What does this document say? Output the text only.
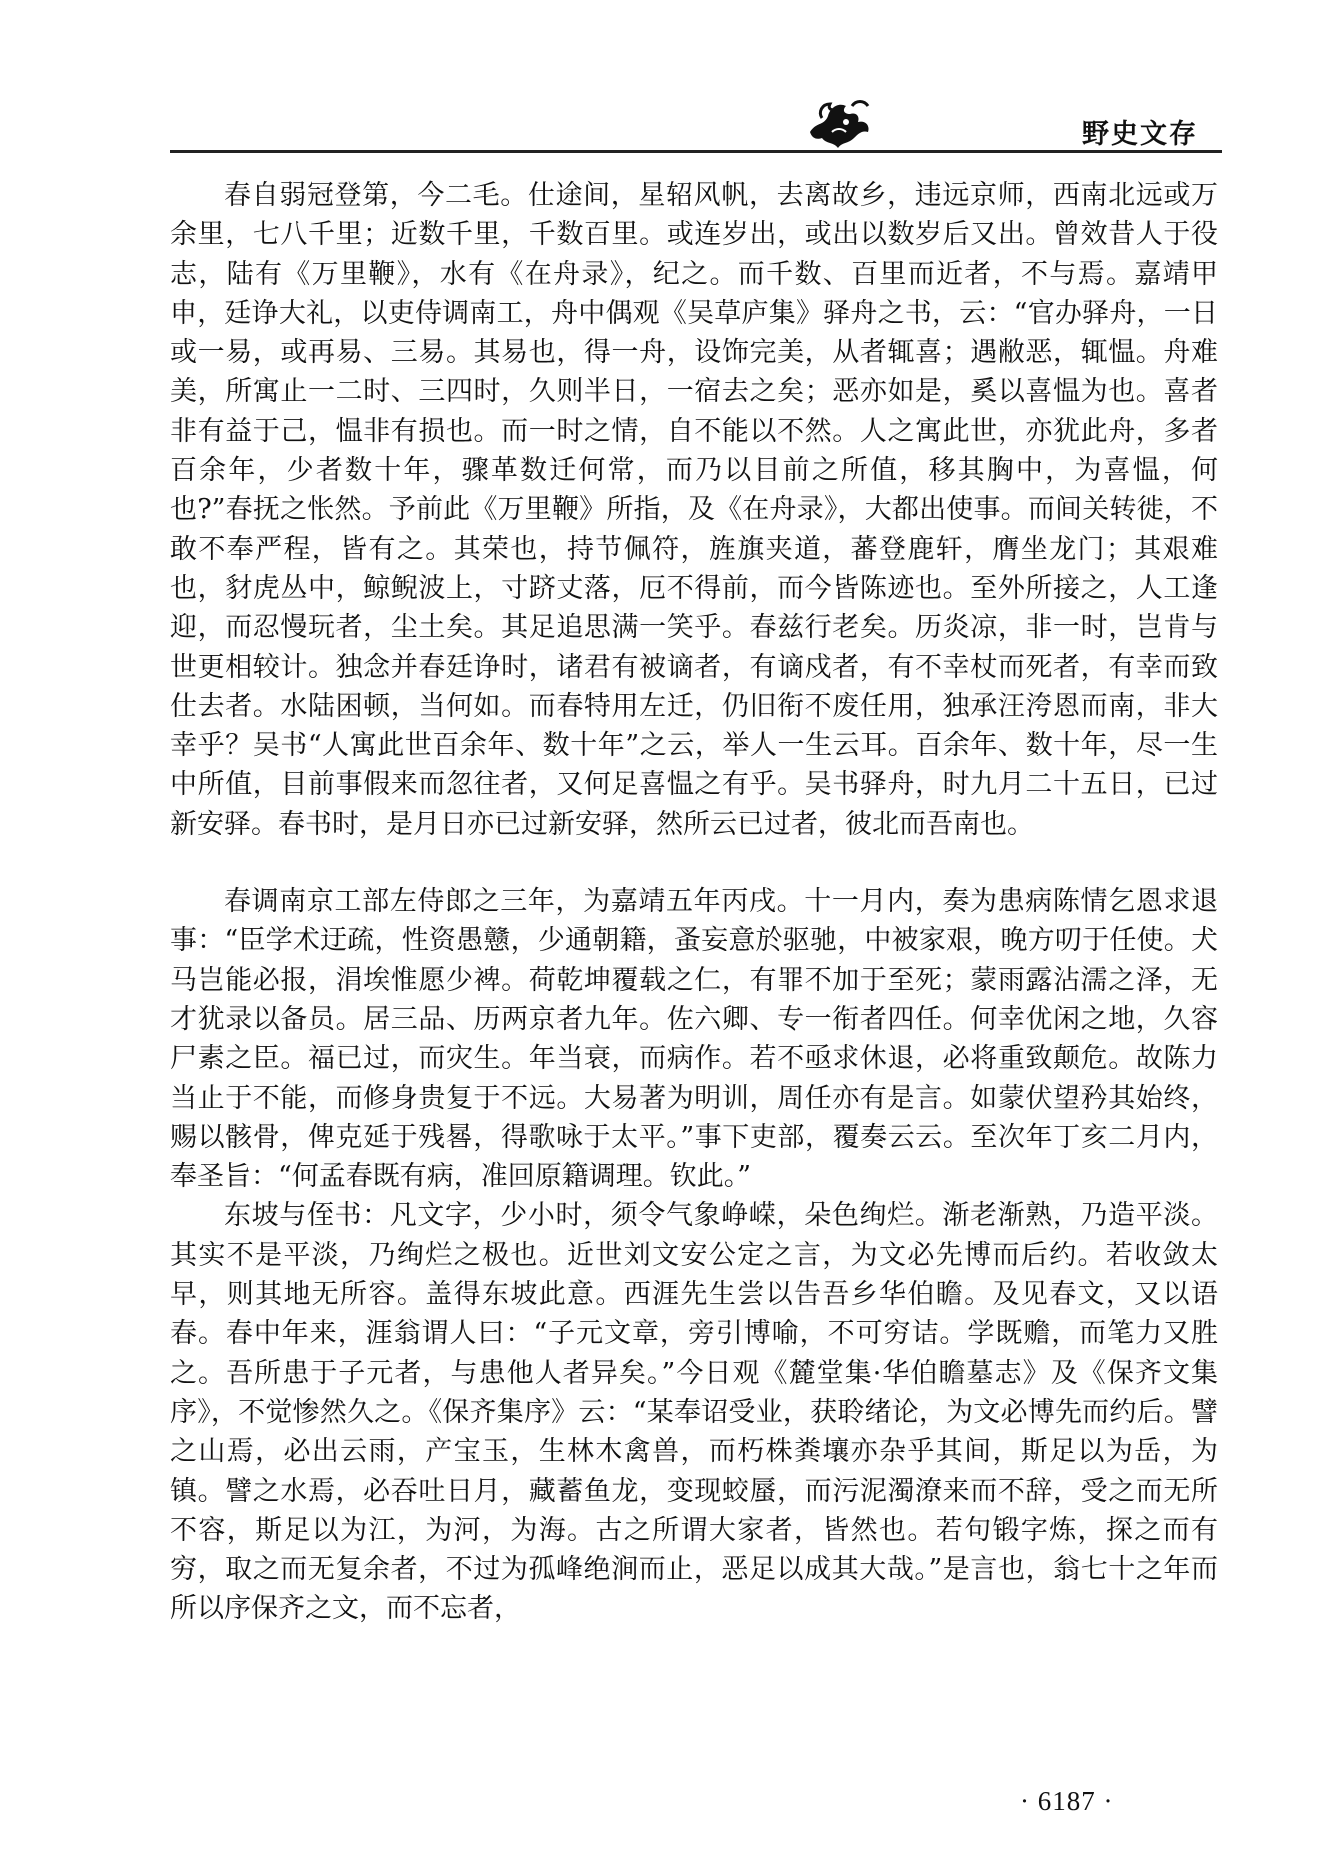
野史文存

春自弱冠登第，今二毛。仕途间，星轺风帆，去离故乡，违远京师，西南北远或万余里，七八千里；近数千里，千数百里。或连岁出，或出以数岁后又出。曾效昔人于役志，陆有《万里鞭》，水有《在舟录》，纪之。而千数、百里而近者，不与焉。嘉靖甲申，廷诤大礼，以吏侍调南工，舟中偶观《吴草庐集》驿舟之书，云：“官办驿舟，一日或一易，或再易、三易。其易也，得一舟，设饰完美，从者辄喜；遇敝恶，辄愠。舟难美，所寓止一二时、三四时，久则半日，一宿去之矣；恶亦如是，奚以喜愠为也。喜者非有益于己，愠非有损也。而一时之情，自不能以不然。人之寓此世，亦犹此舟，多者百余年，少者数十年，骤革数迁何常，而乃以目前之所值，移其胸中，为喜愠，何也?”春抚之怅然。予前此《万里鞭》所指，及《在舟录》，大都出使事。而间关转徙，不敢不奉严程，皆有之。其荣也，持节佩符，旌旗夹道，蕃登鹿轩，膺坐龙门；其艰难也，豺虎丛中，鲸鲵波上，寸跻丈落，厄不得前，而今皆陈迹也。至外所接之，人工逢迎，而忍慢玩者，尘土矣。其足追思满一笑乎。春兹行老矣。历炎凉，非一时，岂肯与世更相较计。独念并春廷诤时，诸君有被谪者，有谪戍者，有不幸杖而死者，有幸而致仕去者。水陆困顿，当何如。而春特用左迁，仍旧衔不废任用，独承汪洿恩而南，非大幸乎？吴书“人寓此世百余年、数十年”之云，举人一生云耳。百余年、数十年，尽一生中所值，目前事假来而忽往者，又何足喜愠之有乎。吴书驿舟，时九月二十五日，已过新安驿。春书时，是月日亦已过新安驿，然所云已过者，彼北而吾南也。

春调南京工部左侍郎之三年，为嘉靖五年丙戌。十一月内，奏为患病陈情乞恩求退事：“臣学术迂疏，性资愚戆，少通朝籍，蚤妄意於驱驰，中被家艰，晚方叨于任使。犬马岂能必报，涓埃惟愿少裨。荷乾坤覆载之仁，有罪不加于至死；蒙雨露沾濡之泽，无才犹录以备员。居三品、历两京者九年。佐六卿、专一衔者四任。何幸优闲之地，久容尸素之臣。福已过，而灾生。年当衰，而病作。若不亟求休退，必将重致颠危。故陈力当止于不能，而修身贵复于不远。大易著为明训，周任亦有是言。如蒙伏望矜其始终，赐以骸骨，俾克延于残晷，得歌咏于太平。”事下吏部，覆奏云云。至次年丁亥二月内，奉圣旨：“何孟春既有病，准回原籍调理。钦此。”

东坡与侄书：凡文字，少小时，须令气象峥嵘，朵色绚烂。渐老渐熟，乃造平淡。其实不是平淡，乃绚烂之极也。近世刘文安公定之言，为文必先博而后约。若收敛太早，则其地无所容。盖得东坡此意。西涯先生尝以告吾乡华伯瞻。及见春文，又以语春。春中年来，涯翁谓人曰：“子元文章，旁引博喻，不可穷诘。学既赡，而笔力又胜之。吾所患于子元者，与患他人者异矣。”今日观《麓堂集·华伯瞻墓志》及《保齐文集序》，不觉惨然久之。《保齐集序》云：“某奉诏受业，获聆绪论，为文必博先而约后。譬之山焉，必出云雨，产宝玉，生林木禽兽，而朽株粪壤亦杂乎其间，斯足以为岳，为镇。譬之水焉，必吞吐日月，藏蓄鱼龙，变现蛟蜃，而污泥濁潦来而不辞，受之而无所不容，斯足以为江，为河，为海。古之所谓大家者，皆然也。若句锻字炼，探之而有穷，取之而无复余者，不过为孤峰绝涧而止，恶足以成其大哉。”是言也，翁七十之年而所以序保齐之文，而不忘者，

· 6187 ·
